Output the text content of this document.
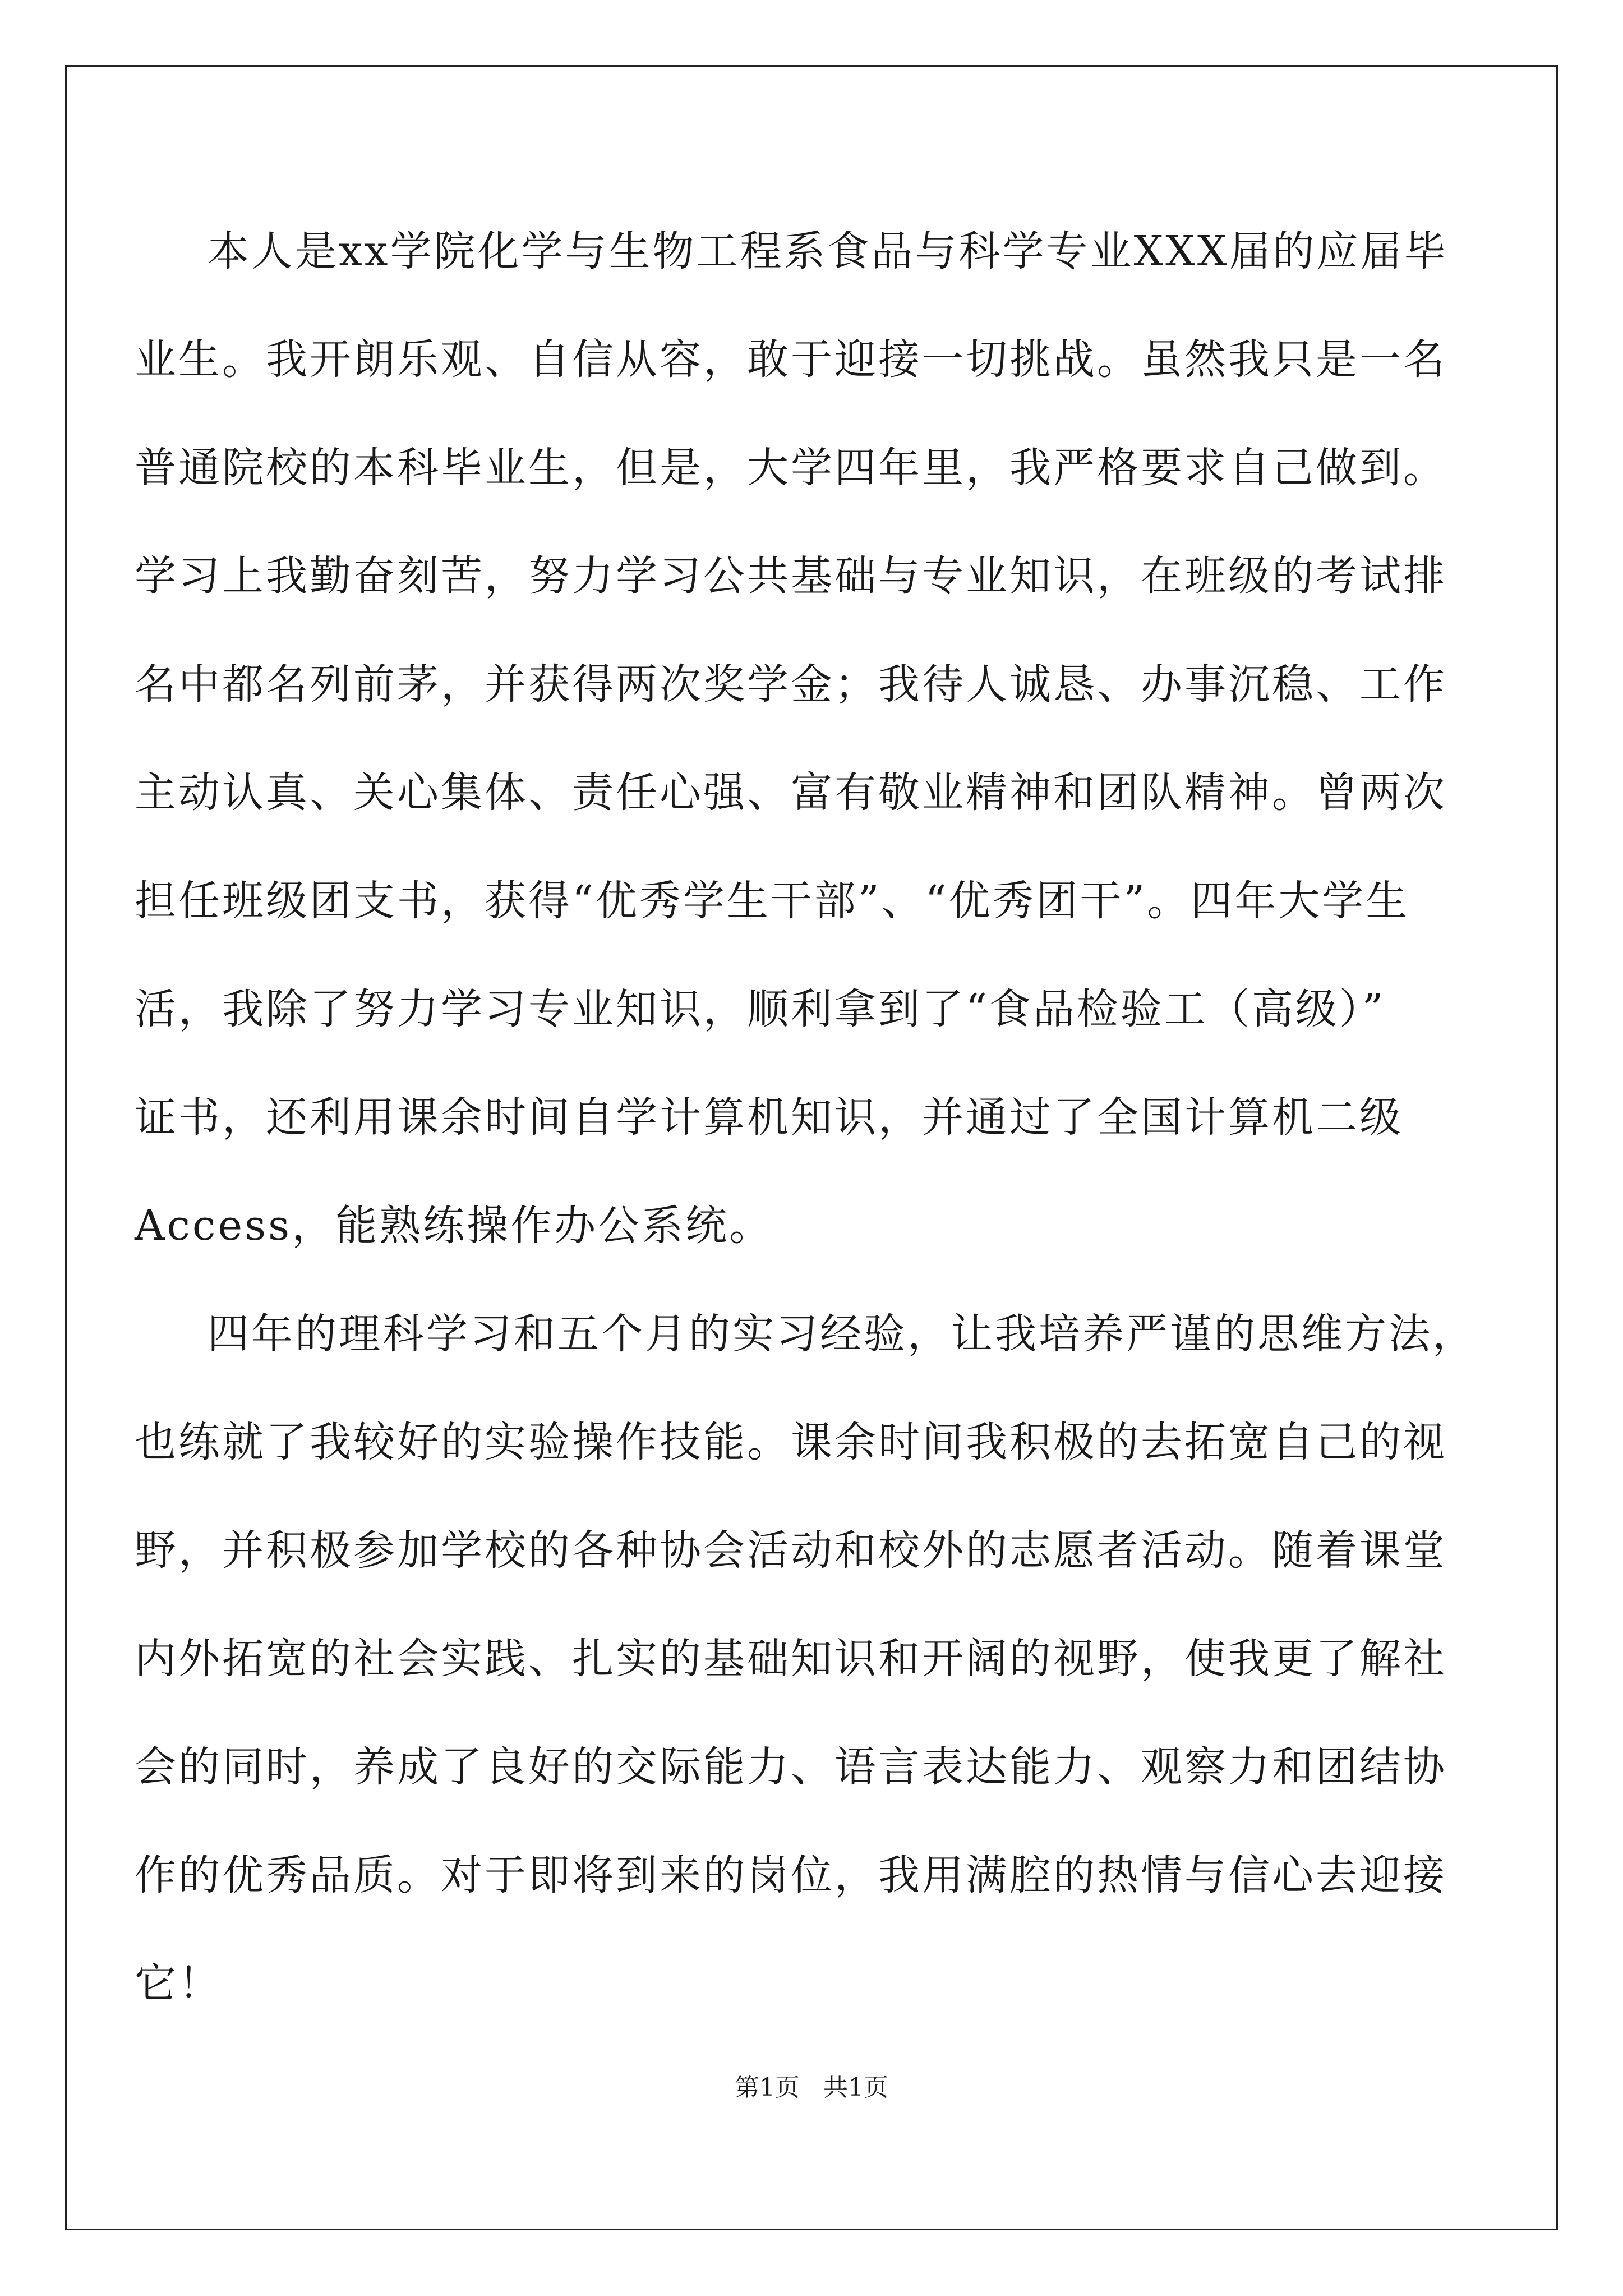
本人是xx学院化学与生物工程系食品与科学专业XXX届的应届毕
业生。我开朗乐观、自信从容，敢于迎接一切挑战。虽然我只是一名
普通院校的本科毕业生，但是，大学四年里，我严格要求自己做到。
学习上我勤奋刻苦，努力学习公共基础与专业知识，在班级的考试排
名中都名列前茅，并获得两次奖学金；我待人诚恳、办事沉稳、工作
主动认真、关心集体、责任心强、富有敬业精神和团队精神。曾两次
担任班级团支书，获得“优秀学生干部”、“优秀团干”。四年大学生
活，我除了努力学习专业知识，顺利拿到了“食品检验工（高级）”
证书，还利用课余时间自学计算机知识，并通过了全国计算机二级
Access，能熟练操作办公系统。
四年的理科学习和五个月的实习经验，让我培养严谨的思维方法，
也练就了我较好的实验操作技能。课余时间我积极的去拓宽自己的视
野，并积极参加学校的各种协会活动和校外的志愿者活动。随着课堂
内外拓宽的社会实践、扎实的基础知识和开阔的视野，使我更了解社
会的同时，养成了良好的交际能力、语言表达能力、观察力和团结协
作的优秀品质。对于即将到来的岗位，我用满腔的热情与信心去迎接
它！
第1页 共1页
